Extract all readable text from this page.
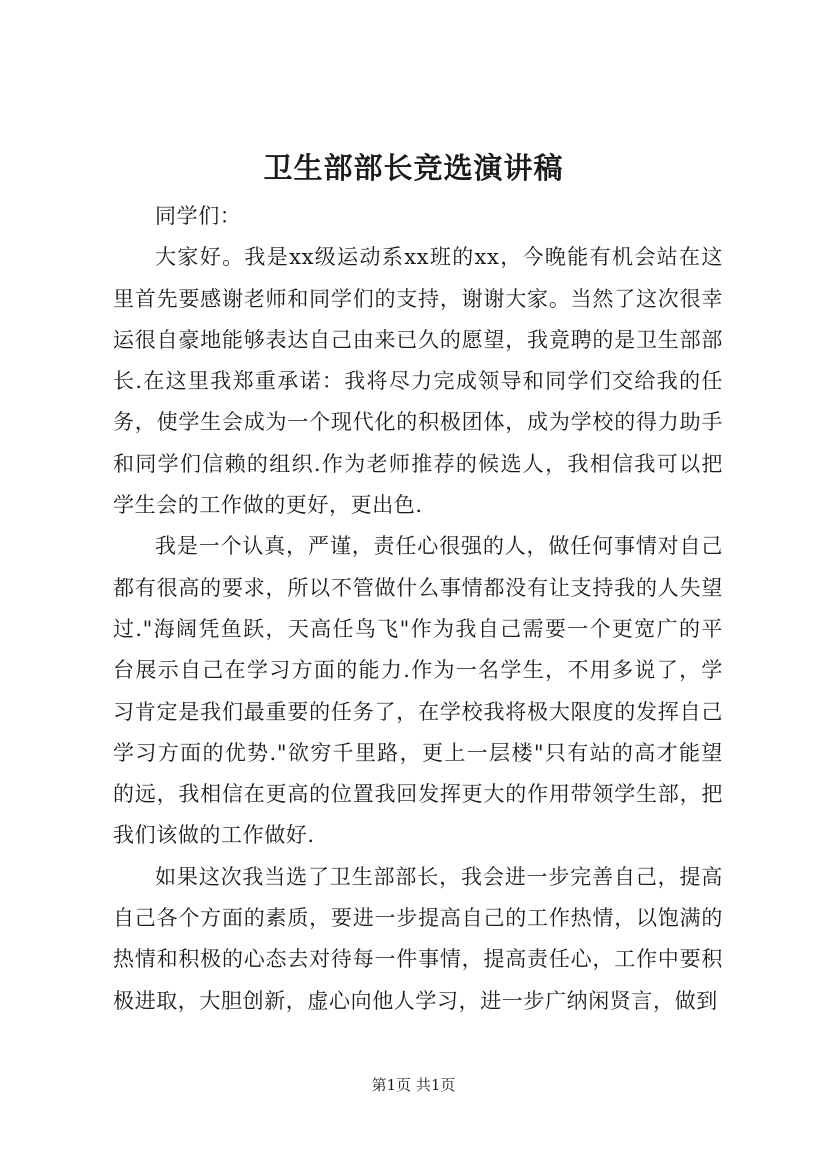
卫生部部长竞选演讲稿

同学们：

大家好。我是xx级运动系xx班的xx，今晚能有机会站在这里首先要感谢老师和同学们的支持，谢谢大家。当然了这次很幸运很自豪地能够表达自己由来已久的愿望，我竟聘的是卫生部部长.在这里我郑重承诺：我将尽力完成领导和同学们交给我的任务，使学生会成为一个现代化的积极团体，成为学校的得力助手和同学们信赖的组织.作为老师推荐的候选人，我相信我可以把学生会的工作做的更好，更出色.

我是一个认真，严谨，责任心很强的人，做任何事情对自己都有很高的要求，所以不管做什么事情都没有让支持我的人失望过."海阔凭鱼跃，天高任鸟飞"作为我自己需要一个更宽广的平台展示自己在学习方面的能力.作为一名学生，不用多说了，学习肯定是我们最重要的任务了，在学校我将极大限度的发挥自己学习方面的优势."欲穷千里路，更上一层楼"只有站的高才能望的远，我相信在更高的位置我回发挥更大的作用带领学生部，把我们该做的工作做好.

如果这次我当选了卫生部部长，我会进一步完善自己，提高自己各个方面的素质，要进一步提高自己的工作热情，以饱满的热情和积极的心态去对待每一件事情，提高责任心，工作中要积极进取，大胆创新，虚心向他人学习，进一步广纳闲贤言，做到

第1页 共1页
